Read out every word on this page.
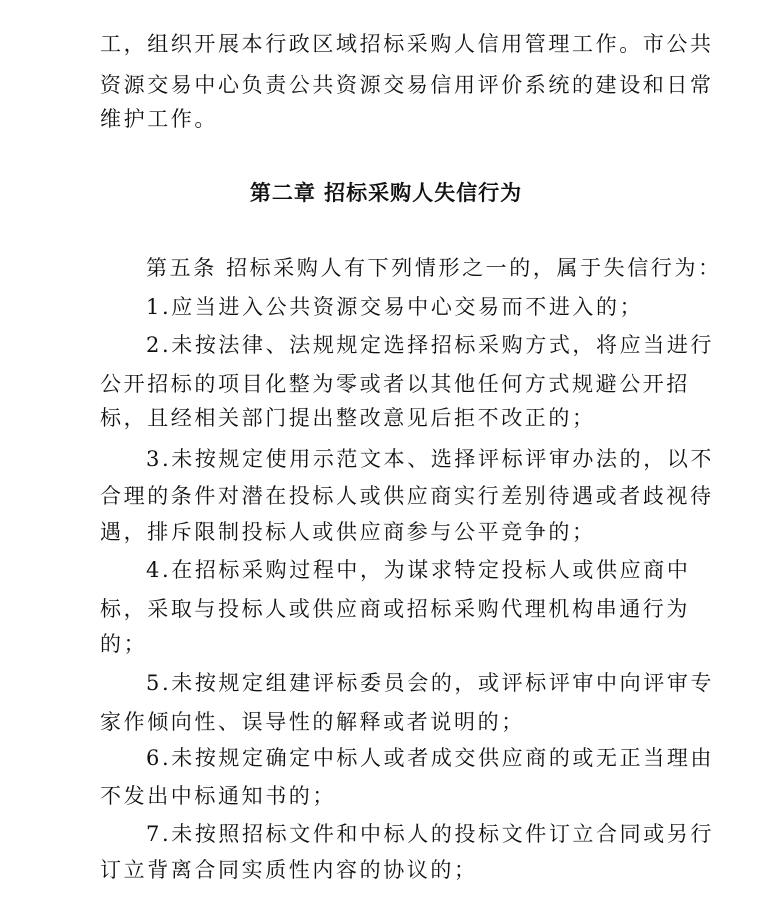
工，组织开展本行政区域招标采购人信用管理工作。市公共
资源交易中心负责公共资源交易信用评价系统的建设和日常
维护工作。
第二章 招标采购人失信行为
第五条 招标采购人有下列情形之一的，属于失信行为：
1.应当进入公共资源交易中心交易而不进入的；
2.未按法律、法规规定选择招标采购方式，将应当进行
公开招标的项目化整为零或者以其他任何方式规避公开招
标，且经相关部门提出整改意见后拒不改正的；
3.未按规定使用示范文本、选择评标评审办法的，以不
合理的条件对潜在投标人或供应商实行差别待遇或者歧视待
遇，排斥限制投标人或供应商参与公平竞争的；
4.在招标采购过程中，为谋求特定投标人或供应商中
标，采取与投标人或供应商或招标采购代理机构串通行为
的；
5.未按规定组建评标委员会的，或评标评审中向评审专
家作倾向性、误导性的解释或者说明的；
6.未按规定确定中标人或者成交供应商的或无正当理由
不发出中标通知书的；
7.未按照招标文件和中标人的投标文件订立合同或另行
订立背离合同实质性内容的协议的；
